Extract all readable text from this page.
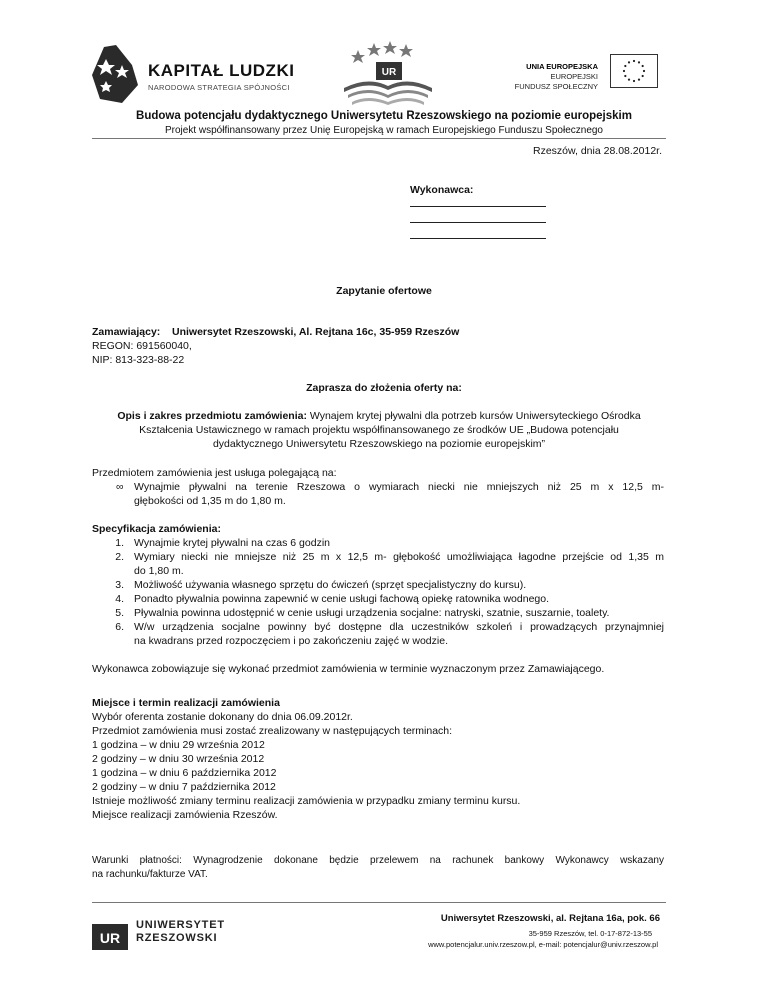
KAPITAŁ LUDZKI
NARODOWA STRATEGIA SPÓJNOŚCI
UR
UNIA EUROPEJSKA
EUROPEJSKI
FUNDUSZ SPOŁECZNY
Budowa potencjału dydaktycznego Uniwersytetu Rzeszowskiego na poziomie europejskim
Projekt współfinansowany przez Unię Europejską w ramach Europejskiego Funduszu Społecznego
Rzeszów, dnia 28.08.2012r.
Wykonawca:
Zapytanie ofertowe
Zamawiający: Uniwersytet Rzeszowski, Al. Rejtana 16c, 35-959 Rzeszów
REGON: 691560040,
NIP: 813-323-88-22
Zaprasza do złożenia oferty na:
Opis i zakres przedmiotu zamówienia: Wynajem krytej pływalni dla potrzeb kursów Uniwersyteckiego Ośrodka
Kształcenia Ustawicznego w ramach projektu współfinansowanego ze środków UE „Budowa potencjału
dydaktycznego Uniwersytetu Rzeszowskiego na poziomie europejskim”
Przedmiotem zamówienia jest usługa polegającą na:
∞ Wynajmie pływalni na terenie Rzeszowa o wymiarach niecki nie mniejszych niż 25 m x 12,5 m-
głębokości od 1,35 m do 1,80 m.
Specyfikacja zamówienia:
1. Wynajmie krytej pływalni na czas 6 godzin
2. Wymiary niecki nie mniejsze niż 25 m x 12,5 m- głębokość umożliwiająca łagodne przejście od 1,35 m
do 1,80 m.
3. Możliwość używania własnego sprzętu do ćwiczeń (sprzęt specjalistyczny do kursu).
4. Ponadto pływalnia powinna zapewnić w cenie usługi fachową opiekę ratownika wodnego.
5. Pływalnia powinna udostępnić w cenie usługi urządzenia socjalne: natryski, szatnie, suszarnie, toalety.
6. W/w urządzenia socjalne powinny być dostępne dla uczestników szkoleń i prowadzących przynajmniej
na kwadrans przed rozpoczęciem i po zakończeniu zajęć w wodzie.
Wykonawca zobowiązuje się wykonać przedmiot zamówienia w terminie wyznaczonym przez Zamawiającego.
Miejsce i termin realizacji zamówienia
Wybór oferenta zostanie dokonany do dnia 06.09.2012r.
Przedmiot zamówienia musi zostać zrealizowany w następujących terminach:
1 godzina – w dniu 29 września 2012
2 godziny – w dniu 30 września 2012
1 godzina – w dniu 6 października 2012
2 godziny – w dniu 7 października 2012
Istnieje możliwość zmiany terminu realizacji zamówienia w przypadku zmiany terminu kursu.
Miejsce realizacji zamówienia Rzeszów.
Warunki płatności: Wynagrodzenie dokonane będzie przelewem na rachunek bankowy Wykonawcy wskazany
na rachunku/fakturze VAT.
UR
UNIWERSYTET
RZESZOWSKI
Uniwersytet Rzeszowski, al. Rejtana 16a, pok. 66
35-959 Rzeszów, tel. 0-17-872-13-55
www.potencjalur.univ.rzeszow.pl, e-mail: potencjalur@univ.rzeszow.pl
